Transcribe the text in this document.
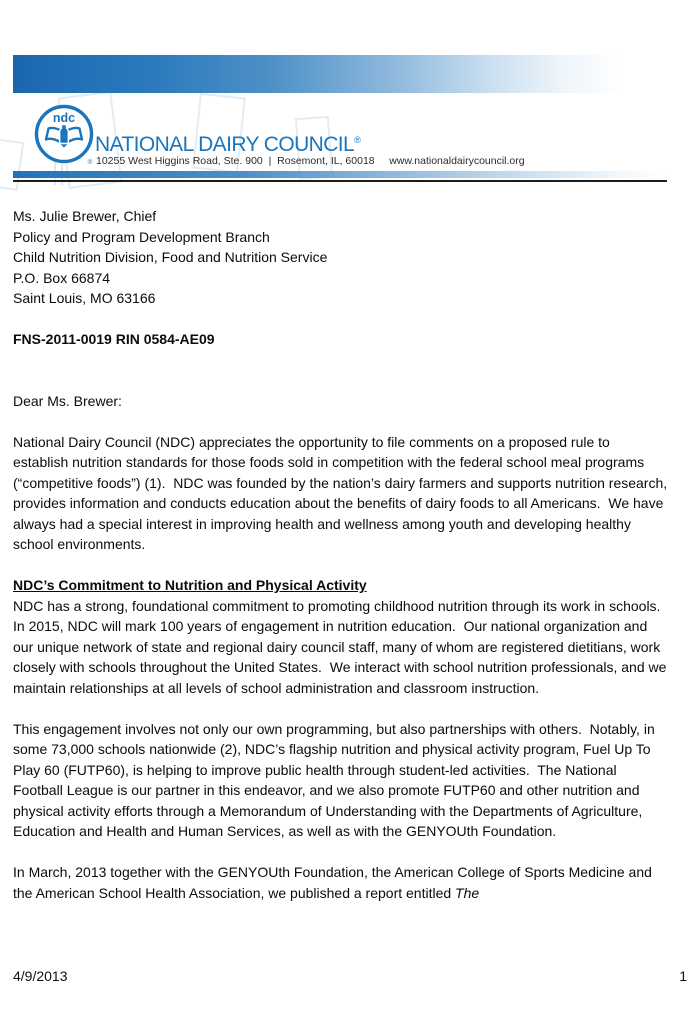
ndc
®
NATIONAL DAIRY COUNCIL®
10255 West Higgins Road, Ste. 900  |  Rosemont, IL, 60018     www.nationaldairycouncil.org
Ms. Julie Brewer, Chief
Policy and Program Development Branch
Child Nutrition Division, Food and Nutrition Service
P.O. Box 66874
Saint Louis, MO 63166

FNS-2011-0019 RIN 0584-AE09

Dear Ms. Brewer:

National Dairy Council (NDC) appreciates the opportunity to file comments on a proposed rule to establish nutrition standards for those foods sold in competition with the federal school meal programs (“competitive foods”) (1).  NDC was founded by the nation’s dairy farmers and supports nutrition research, provides information and conducts education about the benefits of dairy foods to all Americans.  We have always had a special interest in improving health and wellness among youth and developing healthy school environments.

NDC’s Commitment to Nutrition and Physical Activity

NDC has a strong, foundational commitment to promoting childhood nutrition through its work in schools.  In 2015, NDC will mark 100 years of engagement in nutrition education.  Our national organization and our unique network of state and regional dairy council staff, many of whom are registered dietitians, work closely with schools throughout the United States.  We interact with school nutrition professionals, and we maintain relationships at all levels of school administration and classroom instruction.

This engagement involves not only our own programming, but also partnerships with others.  Notably, in some 73,000 schools nationwide (2), NDC’s flagship nutrition and physical activity program, Fuel Up To Play 60 (FUTP60), is helping to improve public health through student-led activities.  The National Football League is our partner in this endeavor, and we also promote FUTP60 and other nutrition and physical activity efforts through a Memorandum of Understanding with the Departments of Agriculture, Education and Health and Human Services, as well as with the GENYOUth Foundation.

In March, 2013 together with the GENYOUth Foundation, the American College of Sports Medicine and the American School Health Association, we published a report entitled The

4/9/2013	1
